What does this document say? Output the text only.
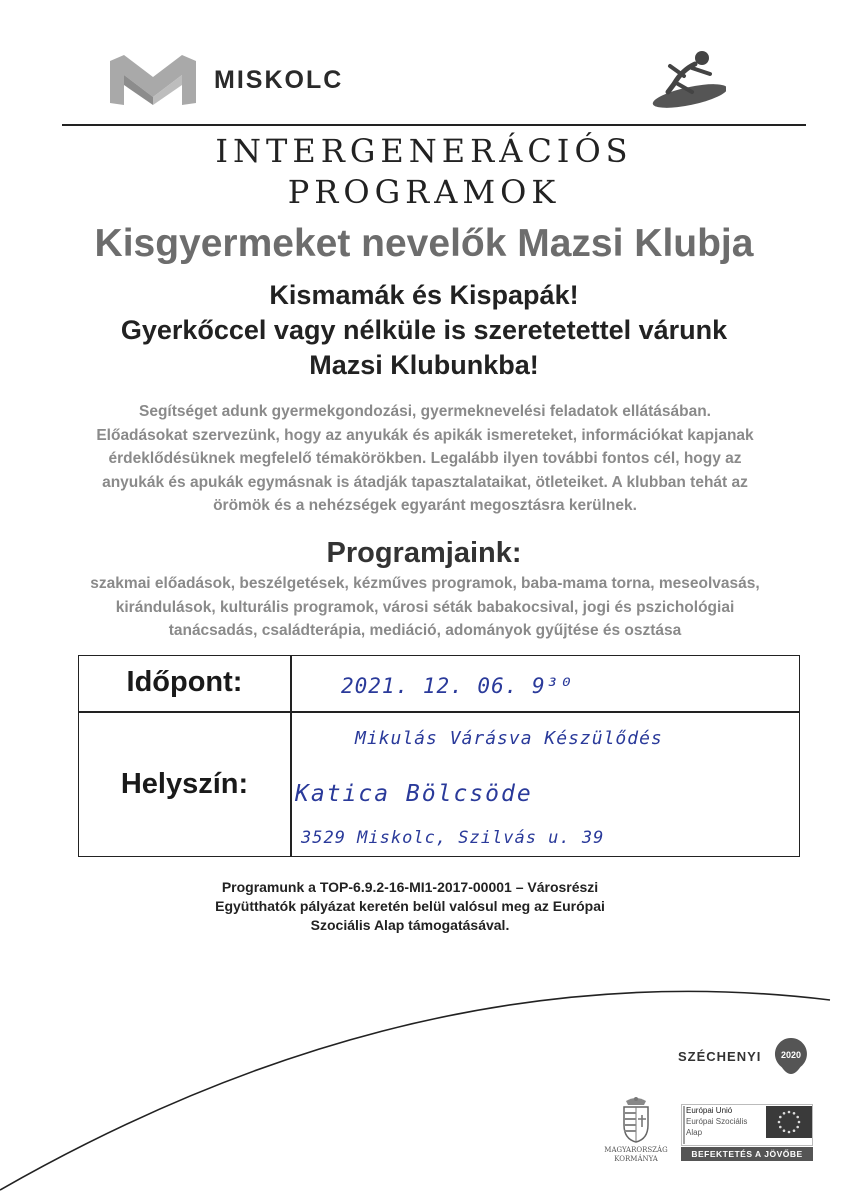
MISKOLC
INTERGENERÁCIÓS
PROGRAMOK
Kisgyermeket nevelők Mazsi Klubja
Kismamák és Kispapák!
Gyerkőccel vagy nélküle is szeretetettel várunk
Mazsi Klubunkba!
Segítséget adunk gyermekgondozási, gyermeknevelési feladatok ellátásában.
Előadásokat szervezünk, hogy az anyukák és apikák ismereteket, információkat kapjanak
érdeklődésüknek megfelelő témakörökben. Legalább ilyen további fontos cél, hogy az
anyukák és apukák egymásnak is átadják tapasztalataikat, ötleteiket. A klubban tehát az
örömök és a nehézségek egyaránt megosztásra kerülnek.
Programjaink:
szakmai előadások, beszélgetések, kézműves programok, baba-mama torna, meseolvasás,
kirándulások, kulturális programok, városi séták babakocsival, jogi és pszichológiai
tanácsadás, családterápia, mediáció, adományok gyűjtése és osztása
Időpont:
Helyszín:
2021. 12. 06. 9³⁰
Mikulás Várásva Készülődés
Katica Bölcsöde
3529 Miskolc, Szilvás u. 39
Programunk a TOP-6.9.2-16-MI1-2017-00001 – Városrészi
Együtthatók pályázat keretén belül valósul meg az Európai
Szociális Alap támogatásával.
SZÉCHENYI 2020
MAGYARORSZÁG
KORMÁNYA
Európai Unió
Európai Szociális
Alap
BEFEKTETÉS A JÖVŐBE
